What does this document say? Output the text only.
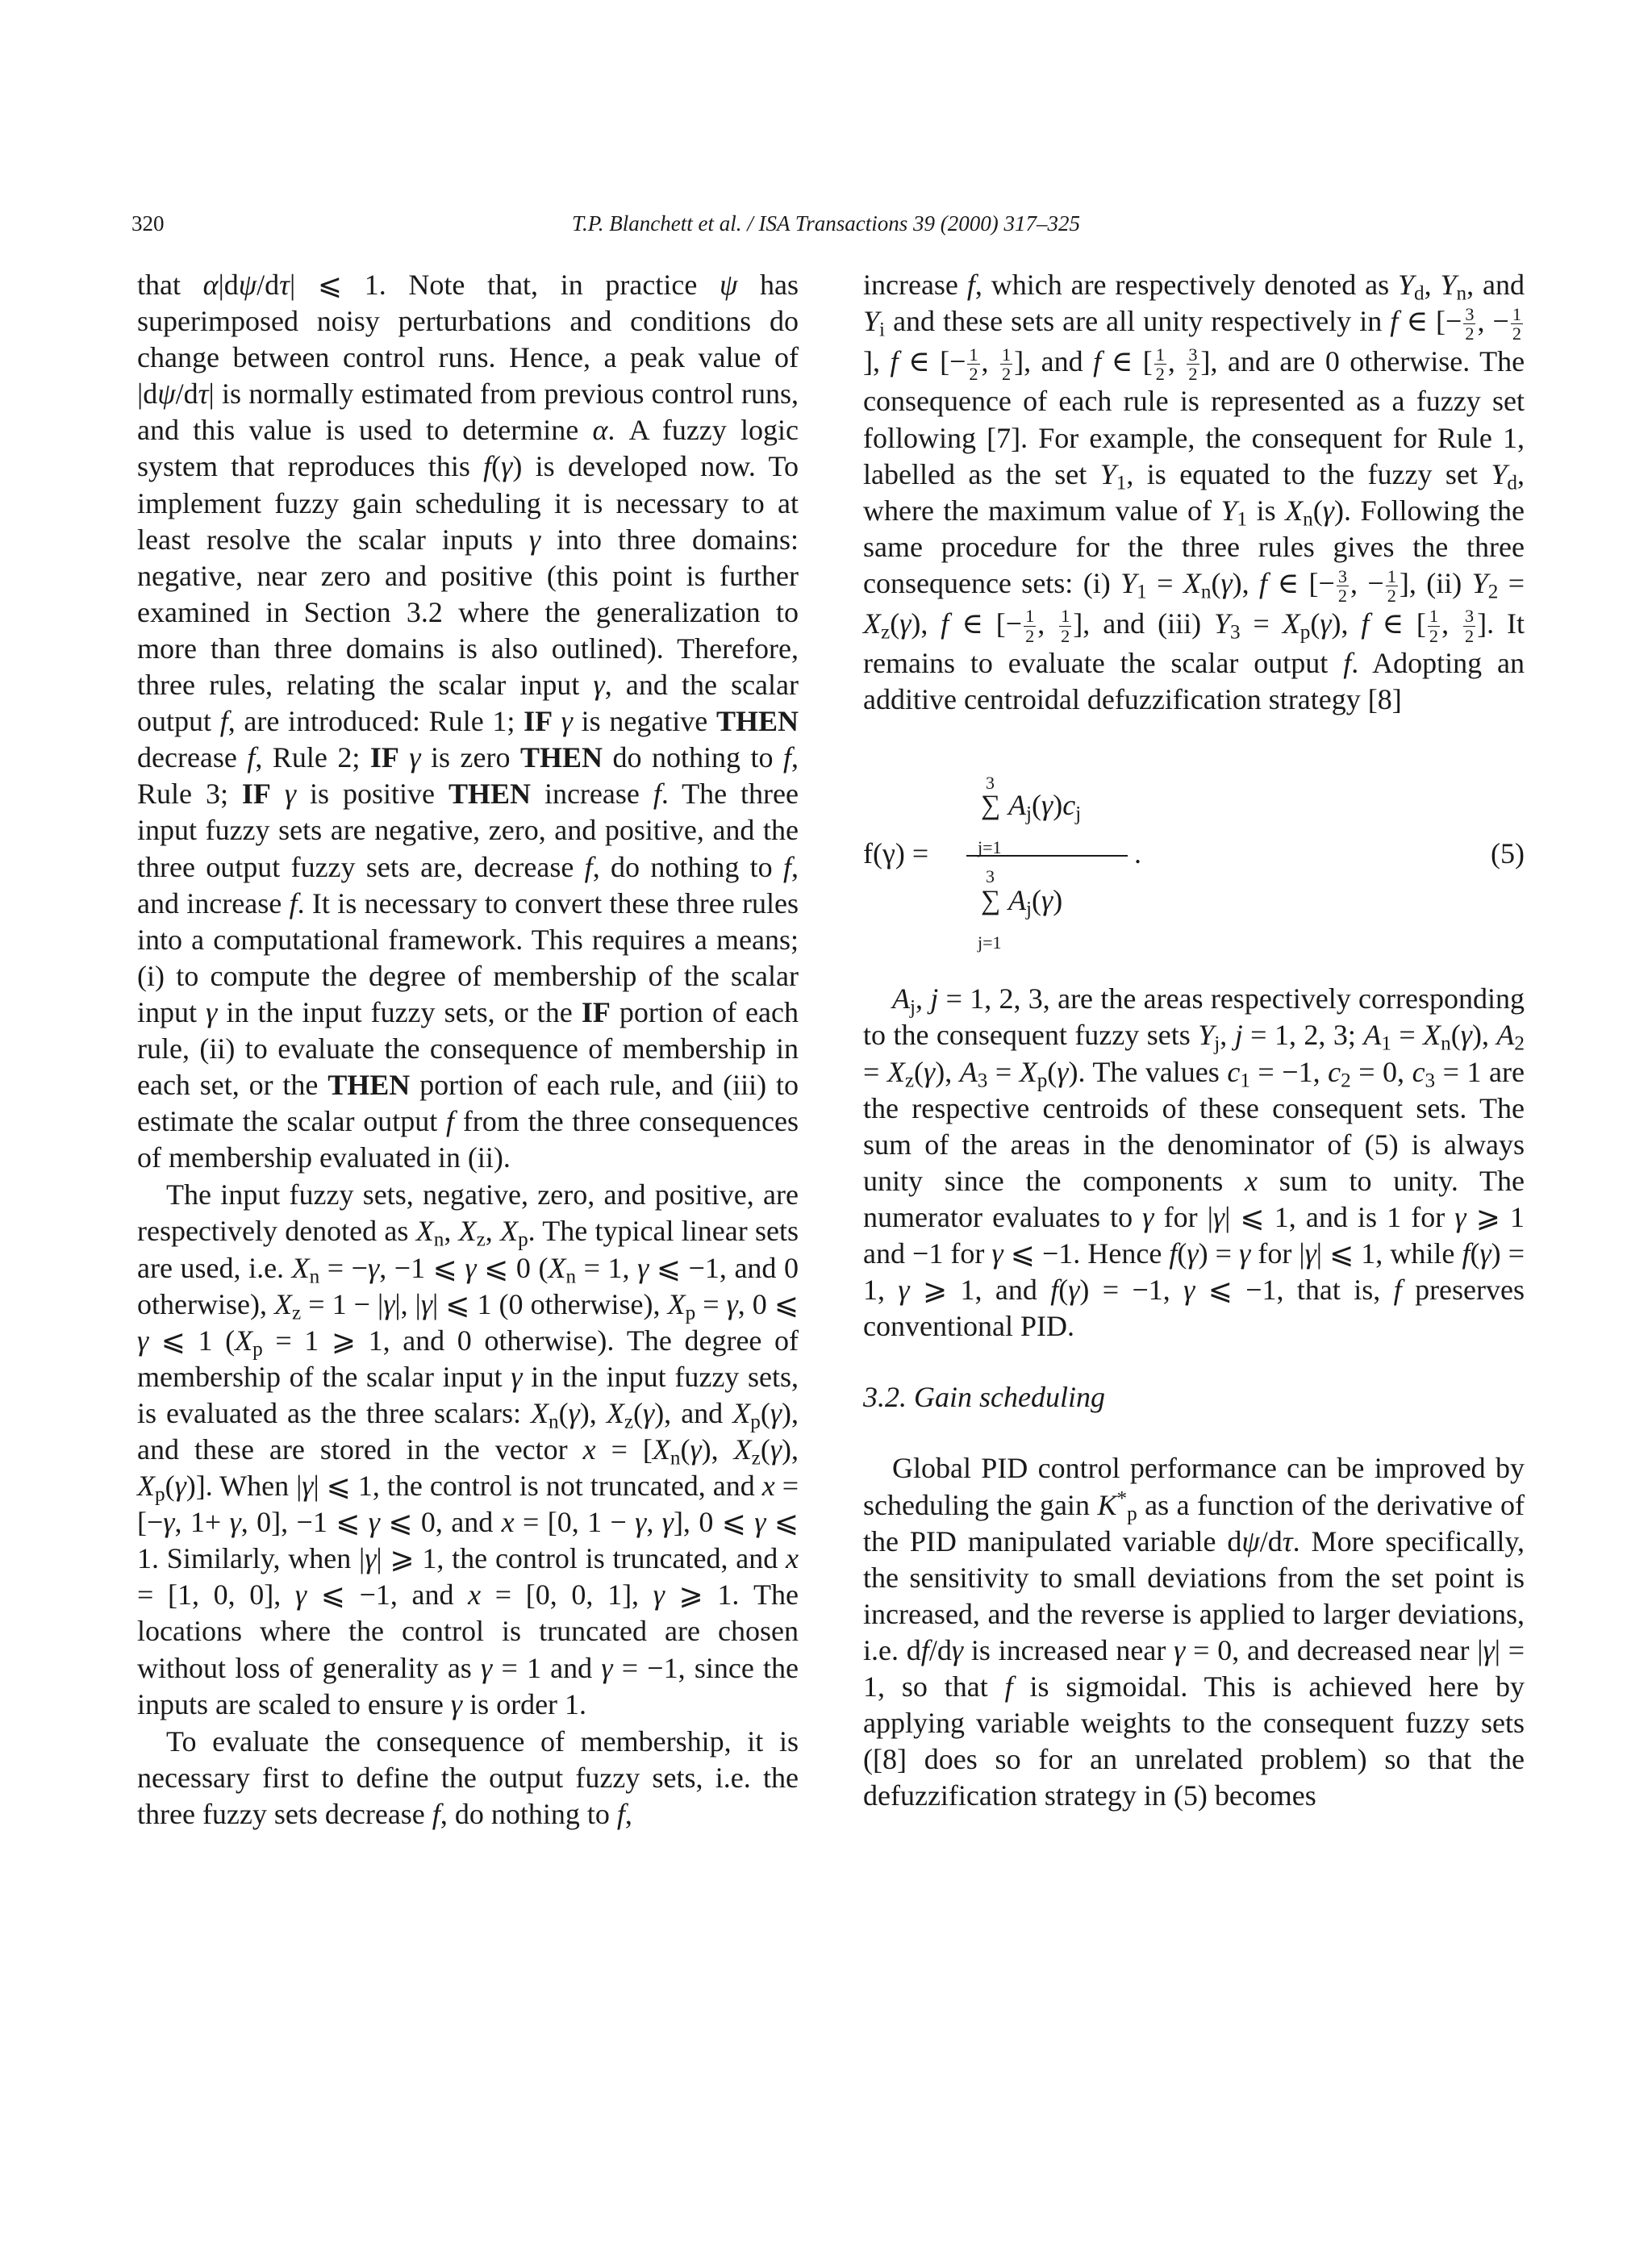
320	T.P. Blanchett et al. / ISA Transactions 39 (2000) 317–325

that α|dψ/dτ| ⩽ 1. Note that, in practice ψ has superimposed noisy perturbations and conditions do change between control runs. Hence, a peak value of |dψ/dτ| is normally estimated from previous control runs, and this value is used to determine α. A fuzzy logic system that reproduces this f(γ) is developed now. To implement fuzzy gain scheduling it is necessary to at least resolve the scalar inputs γ into three domains: negative, near zero and positive (this point is further examined in Section 3.2 where the generalization to more than three domains is also outlined). Therefore, three rules, relating the scalar input γ, and the scalar output f, are introduced: Rule 1; IF γ is negative THEN decrease f, Rule 2; IF γ is zero THEN do nothing to f, Rule 3; IF γ is positive THEN increase f. The three input fuzzy sets are negative, zero, and positive, and the three output fuzzy sets are, decrease f, do nothing to f, and increase f. It is necessary to convert these three rules into a computational framework. This requires a means; (i) to compute the degree of membership of the scalar input γ in the input fuzzy sets, or the IF portion of each rule, (ii) to evaluate the consequence of membership in each set, or the THEN portion of each rule, and (iii) to estimate the scalar output f from the three consequences of membership evaluated in (ii).

The input fuzzy sets, negative, zero, and positive, are respectively denoted as $X_n$, $X_z$, $X_p$. The typical linear sets are used, i.e. $X_n = -\gamma$, −1 ⩽ γ ⩽ 0 ($X_n = 1$, γ ⩽ −1, and 0 otherwise), $X_z = 1 - |\gamma|$, |γ| ⩽ 1 (0 otherwise), $X_p = \gamma$, 0 ⩽ γ ⩽ 1 ($X_p = 1$ ⩾ 1, and 0 otherwise). The degree of membership of the scalar input γ in the input fuzzy sets, is evaluated as the three scalars: $X_n(\gamma)$, $X_z(\gamma)$, and $X_p(\gamma)$, and these are stored in the vector $x = [X_n(\gamma)$, $X_z(\gamma)$, $X_p(\gamma)$]. When |γ| ⩽ 1, the control is not truncated, and x = [−γ, 1+ γ, 0], −1 ⩽ γ ⩽ 0, and x = [0, 1 − γ, γ], 0 ⩽ γ ⩽ 1. Similarly, when |γ| ⩾ 1, the control is truncated, and x = [1, 0, 0], γ ⩽ −1, and x = [0, 0, 1], γ ⩾ 1. The locations where the control is truncated are chosen without loss of generality as γ = 1 and γ = −1, since the inputs are scaled to ensure γ is order 1.

To evaluate the consequence of membership, it is necessary first to define the output fuzzy sets, i.e. the three fuzzy sets decrease f, do nothing to f,

increase f, which are respectively denoted as $Y_d$, $Y_n$, and $Y_i$ and these sets are all unity respectively in f ∈ [− $\frac{3}{2}$ , − $\frac{1}{2}$
], f ∈ [− $\frac{1}{2}$ , $\frac{1}{2}$ ], and f ∈ [ $\frac{1}{2}$ , $\frac{3}{2}$ ], and are 0 otherwise. The consequence of each rule is represented as a fuzzy set following [7]. For example, the consequent for Rule 1, labelled as the set $Y_1$, is equated to the fuzzy set $Y_d$, where the maximum value of $Y_1$ is $X_n(\gamma)$. Following the same procedure for the three rules gives the three consequence sets: (i) $Y_1 = X_n(\gamma)$, f ∈ [− $\frac{3}{2}$ , − $\frac{1}{2}$ ], (ii) $Y_2 = X_z(\gamma)$, f ∈ [− $\frac{1}{2}$ , $\frac{1}{2}$ ], and (iii) $Y_3 = X_p(\gamma)$, f ∈ [ $\frac{1}{2}$ , $\frac{3}{2}$ ]. It remains to evaluate the scalar output f. Adopting an additive centroidal defuzzification strategy [8]

f(γ) =
3
∑
j=1
$A_j(\gamma)c_j$
3
∑
j=1
$A_j(\gamma)$
.	(5)

$A_j$, j = 1, 2, 3, are the areas respectively corresponding to the consequent fuzzy sets $Y_j$, j = 1, 2, 3; $A_1 = X_n(\gamma)$, $A_2 = X_z(\gamma)$, $A_3 = X_p(\gamma)$. The values $c_1 = -1$, $c_2 = 0$, $c_3 = 1$ are the respective centroids of these consequent sets. The sum of the areas in the denominator of (5) is always unity since the components x sum to unity. The numerator evaluates to γ for |γ| ⩽ 1, and is 1 for γ ⩾ 1 and −1 for γ ⩽ −1. Hence f(γ) = γ for |γ| ⩽ 1, while f(γ) = 1, γ ⩾ 1, and f(γ) = −1, γ ⩽ −1, that is, f preserves conventional PID.

3.2. Gain scheduling

Global PID control performance can be improved by scheduling the gain $K^*_p$ as a function of the derivative of the PID manipulated variable dψ/dτ. More specifically, the sensitivity to small deviations from the set point is increased, and the reverse is applied to larger deviations, i.e. df/dγ is increased near γ = 0, and decreased near |γ| = 1, so that f is sigmoidal. This is achieved here by applying variable weights to the consequent fuzzy sets ([8] does so for an unrelated problem) so that the defuzzification strategy in (5) becomes
